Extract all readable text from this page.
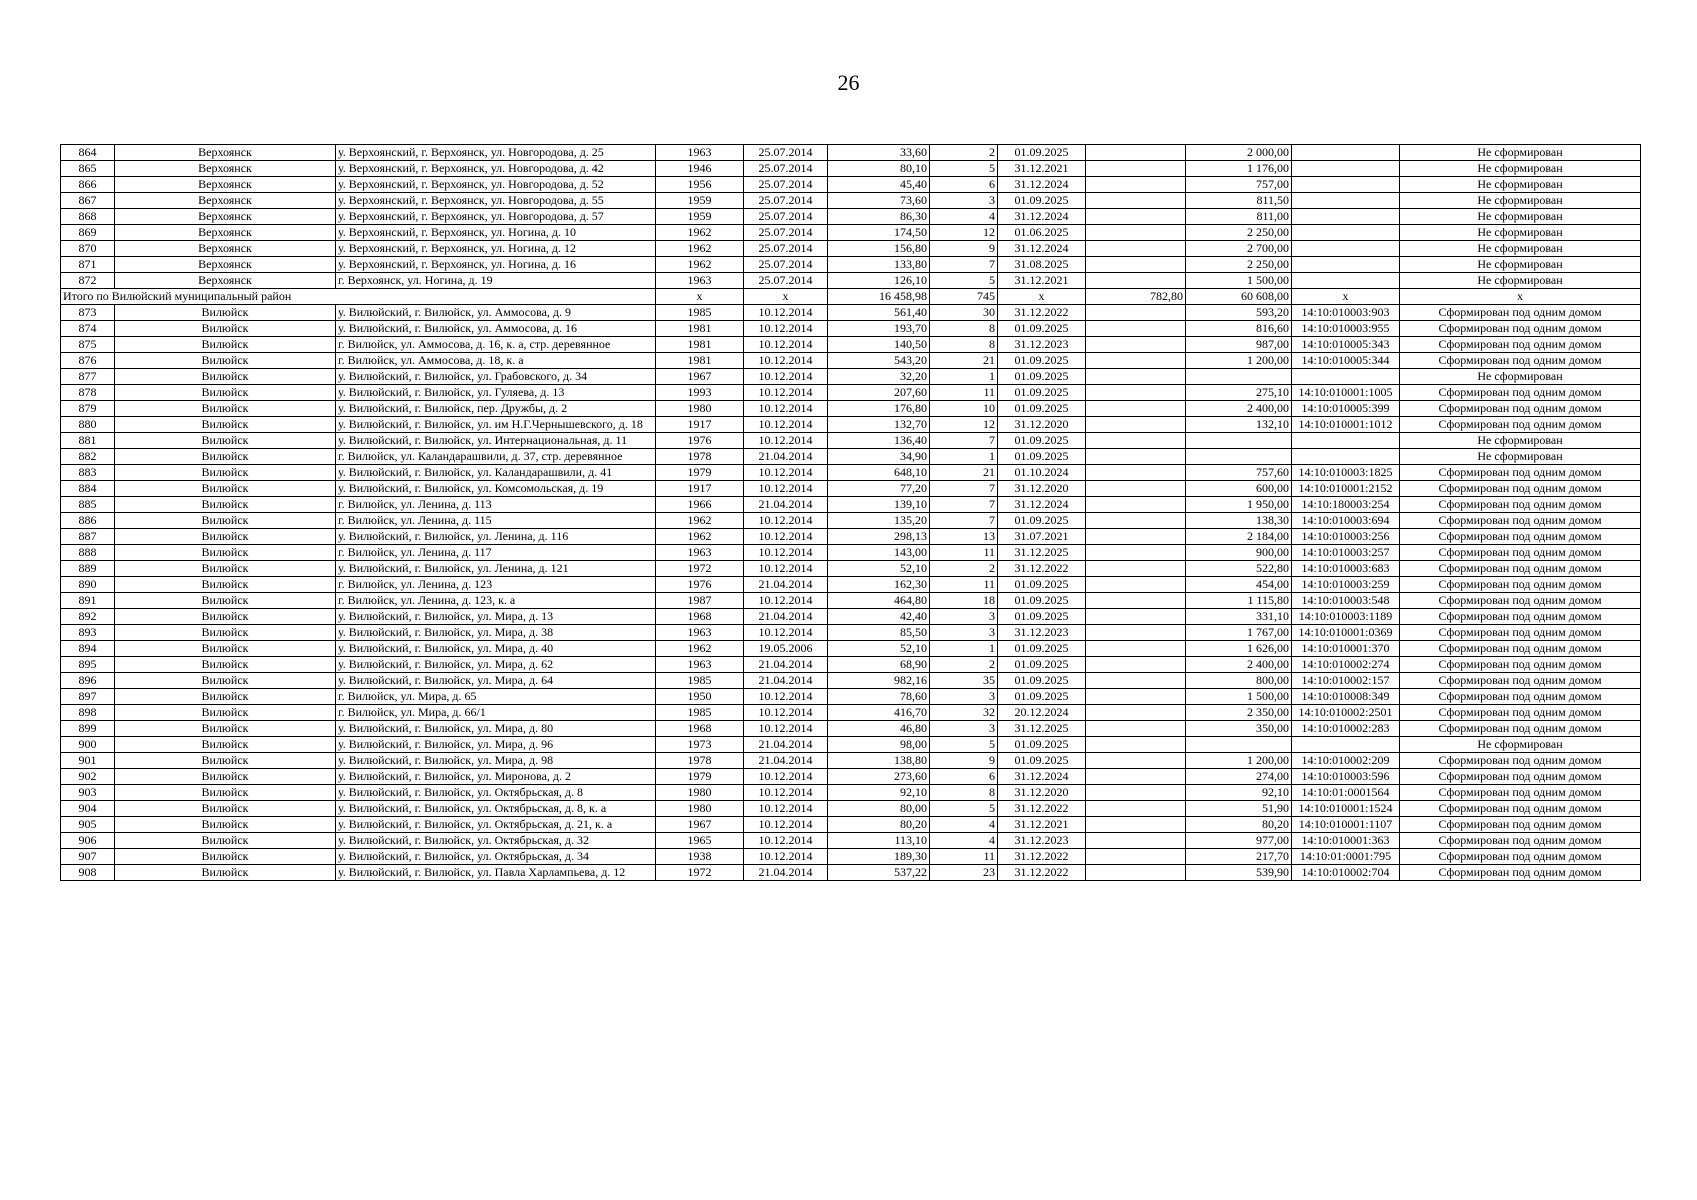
26
864	Верхоянск	у. Верхоянский, г. Верхоянск, ул. Новгородова, д. 25	1963	25.07.2014	33,60	2	01.09.2025		2 000,00		Не сформирован
865	Верхоянск	у. Верхоянский, г. Верхоянск, ул. Новгородова, д. 42	1946	25.07.2014	80,10	5	31.12.2021		1 176,00		Не сформирован
866	Верхоянск	у. Верхоянский, г. Верхоянск, ул. Новгородова, д. 52	1956	25.07.2014	45,40	6	31.12.2024		757,00		Не сформирован
867	Верхоянск	у. Верхоянский, г. Верхоянск, ул. Новгородова, д. 55	1959	25.07.2014	73,60	3	01.09.2025		811,50		Не сформирован
868	Верхоянск	у. Верхоянский, г. Верхоянск, ул. Новгородова, д. 57	1959	25.07.2014	86,30	4	31.12.2024		811,00		Не сформирован
869	Верхоянск	у. Верхоянский, г. Верхоянск, ул. Ногина, д. 10	1962	25.07.2014	174,50	12	01.06.2025		2 250,00		Не сформирован
870	Верхоянск	у. Верхоянский, г. Верхоянск, ул. Ногина, д. 12	1962	25.07.2014	156,80	9	31.12.2024		2 700,00		Не сформирован
871	Верхоянск	у. Верхоянский, г. Верхоянск, ул. Ногина, д. 16	1962	25.07.2014	133,80	7	31.08.2025		2 250,00		Не сформирован
872	Верхоянск	г. Верхоянск, ул. Ногина, д. 19	1963	25.07.2014	126,10	5	31.12.2021		1 500,00		Не сформирован
Итого по Вилюйский муниципальный район			x	x	16 458,98	745	x	782,80	60 608,00	x	x
873	Вилюйск	у. Вилюйский, г. Вилюйск, ул. Аммосова, д. 9	1985	10.12.2014	561,40	30	31.12.2022		593,20	14:10:010003:903	Сформирован под одним домом
874	Вилюйск	у. Вилюйский, г. Вилюйск, ул. Аммосова, д. 16	1981	10.12.2014	193,70	8	01.09.2025		816,60	14:10:010003:955	Сформирован под одним домом
875	Вилюйск	г. Вилюйск, ул. Аммосова, д. 16, к. а, стр. деревянное	1981	10.12.2014	140,50	8	31.12.2023		987,00	14:10:010005:343	Сформирован под одним домом
876	Вилюйск	г. Вилюйск, ул. Аммосова, д. 18, к. а	1981	10.12.2014	543,20	21	01.09.2025		1 200,00	14:10:010005:344	Сформирован под одним домом
877	Вилюйск	у. Вилюйский, г. Вилюйск, ул. Грабовского, д. 34	1967	10.12.2014	32,20	1	01.09.2025				Не сформирован
878	Вилюйск	у. Вилюйский, г. Вилюйск, ул. Гуляева, д. 13	1993	10.12.2014	207,60	11	01.09.2025		275,10	14:10:010001:1005	Сформирован под одним домом
879	Вилюйск	у. Вилюйский, г. Вилюйск, пер. Дружбы, д. 2	1980	10.12.2014	176,80	10	01.09.2025		2 400,00	14:10:010005:399	Сформирован под одним домом
880	Вилюйск	у. Вилюйский, г. Вилюйск, ул. им Н.Г.Чернышевского, д. 18	1917	10.12.2014	132,70	12	31.12.2020		132,10	14:10:010001:1012	Сформирован под одним домом
881	Вилюйск	у. Вилюйский, г. Вилюйск, ул. Интернациональная, д. 11	1976	10.12.2014	136,40	7	01.09.2025				Не сформирован
882	Вилюйск	г. Вилюйск, ул. Каландарашвили, д. 37, стр. деревянное	1978	21.04.2014	34,90	1	01.09.2025				Не сформирован
883	Вилюйск	у. Вилюйский, г. Вилюйск, ул. Каландарашвили, д. 41	1979	10.12.2014	648,10	21	01.10.2024		757,60	14:10:010003:1825	Сформирован под одним домом
884	Вилюйск	у. Вилюйский, г. Вилюйск, ул. Комсомольская, д. 19	1917	10.12.2014	77,20	7	31.12.2020		600,00	14:10:010001:2152	Сформирован под одним домом
885	Вилюйск	г. Вилюйск, ул. Ленина, д. 113	1966	21.04.2014	139,10	7	31.12.2024		1 950,00	14:10:180003:254	Сформирован под одним домом
886	Вилюйск	г. Вилюйск, ул. Ленина, д. 115	1962	10.12.2014	135,20	7	01.09.2025		138,30	14:10:010003:694	Сформирован под одним домом
887	Вилюйск	у. Вилюйский, г. Вилюйск, ул. Ленина, д. 116	1962	10.12.2014	298,13	13	31.07.2021		2 184,00	14:10:010003:256	Сформирован под одним домом
888	Вилюйск	г. Вилюйск, ул. Ленина, д. 117	1963	10.12.2014	143,00	11	31.12.2025		900,00	14:10:010003:257	Сформирован под одним домом
889	Вилюйск	у. Вилюйский, г. Вилюйск, ул. Ленина, д. 121	1972	10.12.2014	52,10	2	31.12.2022		522,80	14:10:010003:683	Сформирован под одним домом
890	Вилюйск	г. Вилюйск, ул. Ленина, д. 123	1976	21.04.2014	162,30	11	01.09.2025		454,00	14:10:010003:259	Сформирован под одним домом
891	Вилюйск	г. Вилюйск, ул. Ленина, д. 123, к. а	1987	10.12.2014	464,80	18	01.09.2025		1 115,80	14:10:010003:548	Сформирован под одним домом
892	Вилюйск	у. Вилюйский, г. Вилюйск, ул. Мира, д. 13	1968	21.04.2014	42,40	3	01.09.2025		331,10	14:10:010003:1189	Сформирован под одним домом
893	Вилюйск	у. Вилюйский, г. Вилюйск, ул. Мира, д. 38	1963	10.12.2014	85,50	3	31.12.2023		1 767,00	14:10:010001:0369	Сформирован под одним домом
894	Вилюйск	у. Вилюйский, г. Вилюйск, ул. Мира, д. 40	1962	19.05.2006	52,10	1	01.09.2025		1 626,00	14:10:010001:370	Сформирован под одним домом
895	Вилюйск	у. Вилюйский, г. Вилюйск, ул. Мира, д. 62	1963	21.04.2014	68,90	2	01.09.2025		2 400,00	14:10:010002:274	Сформирован под одним домом
896	Вилюйск	у. Вилюйский, г. Вилюйск, ул. Мира, д. 64	1985	21.04.2014	982,16	35	01.09.2025		800,00	14:10:010002:157	Сформирован под одним домом
897	Вилюйск	г. Вилюйск, ул. Мира, д. 65	1950	10.12.2014	78,60	3	01.09.2025		1 500,00	14:10:010008:349	Сформирован под одним домом
898	Вилюйск	г. Вилюйск, ул. Мира, д. 66/1	1985	10.12.2014	416,70	32	20.12.2024		2 350,00	14:10:010002:2501	Сформирован под одним домом
899	Вилюйск	у. Вилюйский, г. Вилюйск, ул. Мира, д. 80	1968	10.12.2014	46,80	3	31.12.2025		350,00	14:10:010002:283	Сформирован под одним домом
900	Вилюйск	у. Вилюйский, г. Вилюйск, ул. Мира, д. 96	1973	21.04.2014	98,00	5	01.09.2025				Не сформирован
901	Вилюйск	у. Вилюйский, г. Вилюйск, ул. Мира, д. 98	1978	21.04.2014	138,80	9	01.09.2025		1 200,00	14:10:010002:209	Сформирован под одним домом
902	Вилюйск	у. Вилюйский, г. Вилюйск, ул. Миронова, д. 2	1979	10.12.2014	273,60	6	31.12.2024		274,00	14:10:010003:596	Сформирован под одним домом
903	Вилюйск	у. Вилюйский, г. Вилюйск, ул. Октябрьская, д. 8	1980	10.12.2014	92,10	8	31.12.2020		92,10	14:10:01:0001564	Сформирован под одним домом
904	Вилюйск	у. Вилюйский, г. Вилюйск, ул. Октябрьская, д. 8, к. а	1980	10.12.2014	80,00	5	31.12.2022		51,90	14:10:010001:1524	Сформирован под одним домом
905	Вилюйск	у. Вилюйский, г. Вилюйск, ул. Октябрьская, д. 21, к. а	1967	10.12.2014	80,20	4	31.12.2021		80,20	14:10:010001:1107	Сформирован под одним домом
906	Вилюйск	у. Вилюйский, г. Вилюйск, ул. Октябрьская, д. 32	1965	10.12.2014	113,10	4	31.12.2023		977,00	14:10:010001:363	Сформирован под одним домом
907	Вилюйск	у. Вилюйский, г. Вилюйск, ул. Октябрьская, д. 34	1938	10.12.2014	189,30	11	31.12.2022		217,70	14:10:01:0001:795	Сформирован под одним домом
908	Вилюйск	у. Вилюйский, г. Вилюйск, ул. Павла Харлампьева, д. 12	1972	21.04.2014	537,22	23	31.12.2022		539,90	14:10:010002:704	Сформирован под одним домом
